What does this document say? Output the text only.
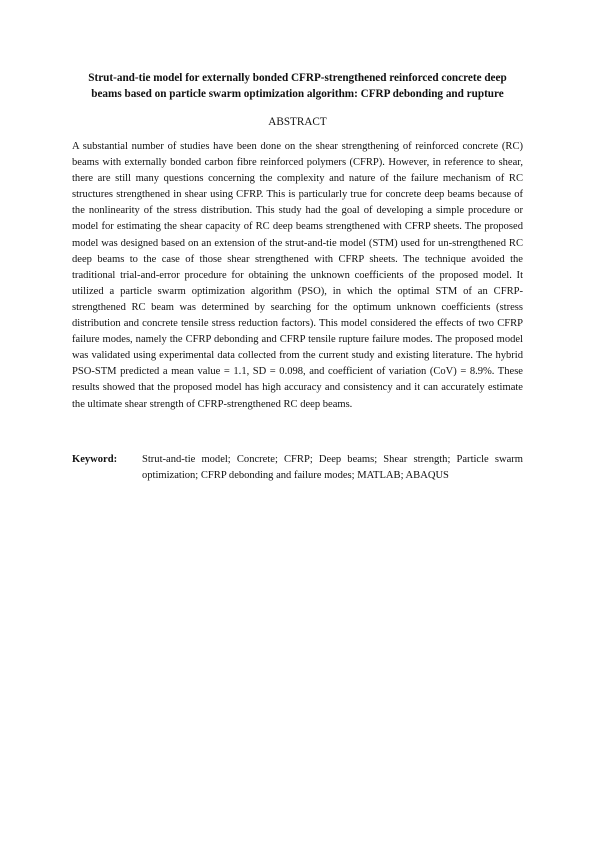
Strut-and-tie model for externally bonded CFRP-strengthened reinforced concrete deep beams based on particle swarm optimization algorithm: CFRP debonding and rupture
ABSTRACT

A substantial number of studies have been done on the shear strengthening of reinforced concrete (RC) beams with externally bonded carbon fibre reinforced polymers (CFRP). However, in reference to shear, there are still many questions concerning the complexity and nature of the failure mechanism of RC structures strengthened in shear using CFRP. This is particularly true for concrete deep beams because of the nonlinearity of the stress distribution. This study had the goal of developing a simple procedure or model for estimating the shear capacity of RC deep beams strengthened with CFRP sheets. The proposed model was designed based on an extension of the strut-and-tie model (STM) used for un-strengthened RC deep beams to the case of those shear strengthened with CFRP sheets. The technique avoided the traditional trial-and-error procedure for obtaining the unknown coefficients of the proposed model. It utilized a particle swarm optimization algorithm (PSO), in which the optimal STM of an CFRP-strengthened RC beam was determined by searching for the optimum unknown coefficients (stress distribution and concrete tensile stress reduction factors). This model considered the effects of two CFRP failure modes, namely the CFRP debonding and CFRP tensile rupture failure modes. The proposed model was validated using experimental data collected from the current study and existing literature. The hybrid PSO-STM predicted a mean value = 1.1, SD = 0.098, and coefficient of variation (CoV) = 8.9%. These results showed that the proposed model has high accuracy and consistency and it can accurately estimate the ultimate shear strength of CFRP-strengthened RC deep beams.

Keyword:	Strut-and-tie model; Concrete; CFRP; Deep beams; Shear strength; Particle swarm optimization; CFRP debonding and failure modes; MATLAB; ABAQUS
